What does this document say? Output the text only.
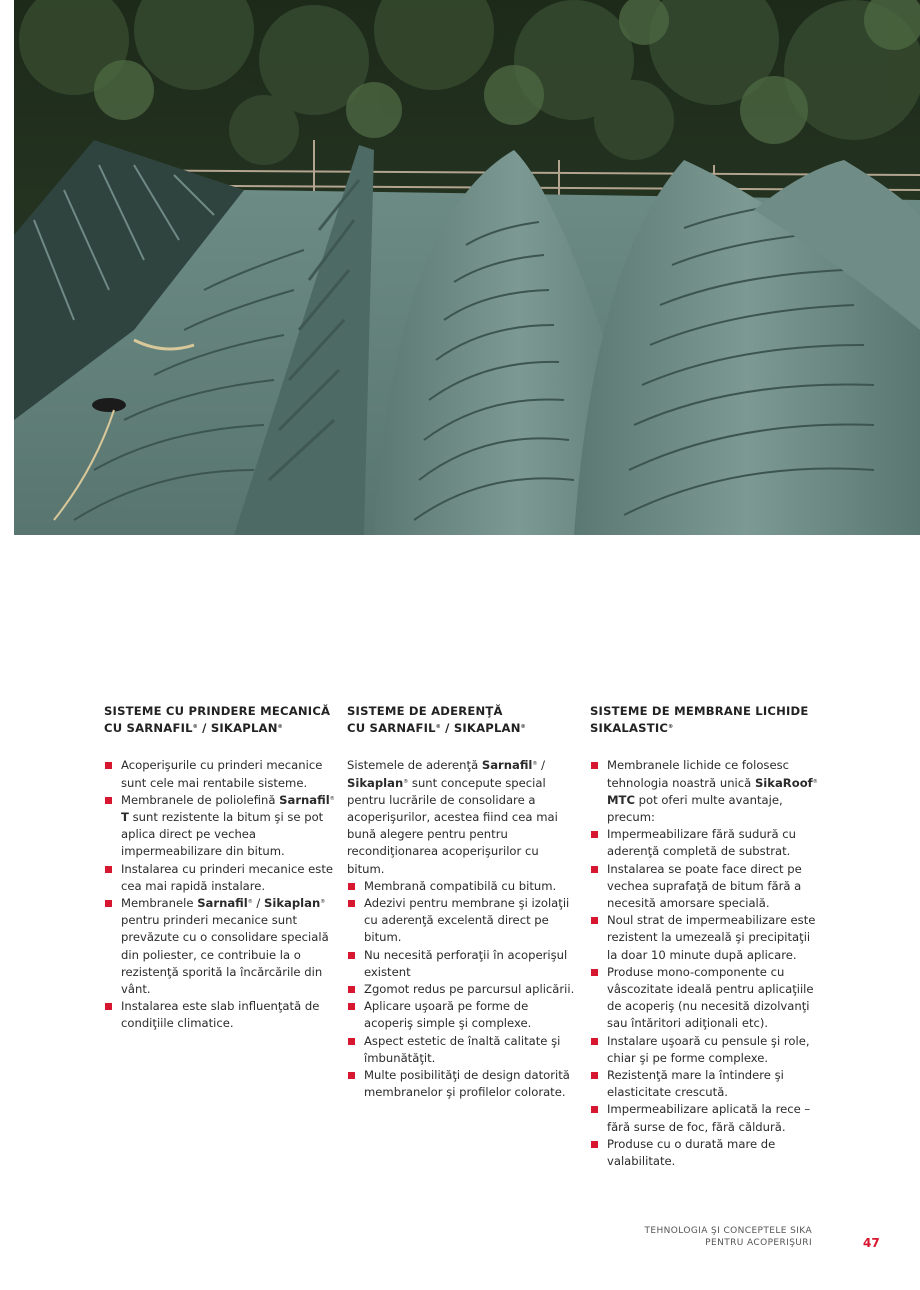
SISTEME CU PRINDERE MECANICĂ
CU SARNAFIL® / SIKAPLAN®
Acoperişurile cu prinderi mecanice sunt cele mai rentabile sisteme.
Membranele de poliolefină Sarnafil® T sunt rezistente la bitum şi se pot aplica direct pe vechea impermeabilizare din bitum.
Instalarea cu prinderi mecanice este cea mai rapidă instalare.
Membranele Sarnafil® / Sikaplan® pentru prinderi mecanice sunt prevăzute cu o consolidare specială din poliester, ce contribuie la o rezistenţă sporită la încărcările din vânt.
Instalarea este slab influenţată de condiţiile climatice.
SISTEME DE ADERENŢĂ
CU SARNAFIL® / SIKAPLAN®

Sistemele de aderenţă Sarnafil® /
Sikaplan® sunt concepute special pentru lucrările de consolidare a acoperişurilor, acestea fiind cea mai bună alegere pentru pentru recondiţionarea acoperişurilor cu bitum.

Membrană compatibilă cu bitum.
Adezivi pentru membrane şi izolaţii cu aderenţă excelentă direct pe bitum.
Nu necesită perforaţii în acoperişul existent
Zgomot redus pe parcursul aplicării.
Aplicare uşoară pe forme de acoperiş simple şi complexe.
Aspect estetic de înaltă calitate şi îmbunătăţit.
Multe posibilităţi de design datorită membranelor şi profilelor colorate.
SISTEME DE MEMBRANE LICHIDE
SIKALASTIC®
Membranele lichide ce folosesc tehnologia noastră unică SikaRoof® MTC pot oferi multe avantaje, precum:
Impermeabilizare fără sudură cu aderenţă completă de substrat.
Instalarea se poate face direct pe vechea suprafaţă de bitum fără a necesită amorsare specială.
Noul strat de impermeabilizare este rezistent la umezeală şi precipitaţii la doar 10 minute după aplicare.
Produse mono-componente cu vâscozitate ideală pentru aplicaţiile de acoperiş (nu necesită dizolvanţi sau întăritori adiţionali etc).
Instalare uşoară cu pensule şi role, chiar şi pe forme complexe.
Rezistenţă mare la întindere şi elasticitate crescută.
Impermeabilizare aplicată la rece – fără surse de foc, fără căldură.
Produse cu o durată mare de valabilitate.
TEHNOLOGIA ŞI CONCEPTELE SIKA
PENTRU ACOPERIŞURI	47
